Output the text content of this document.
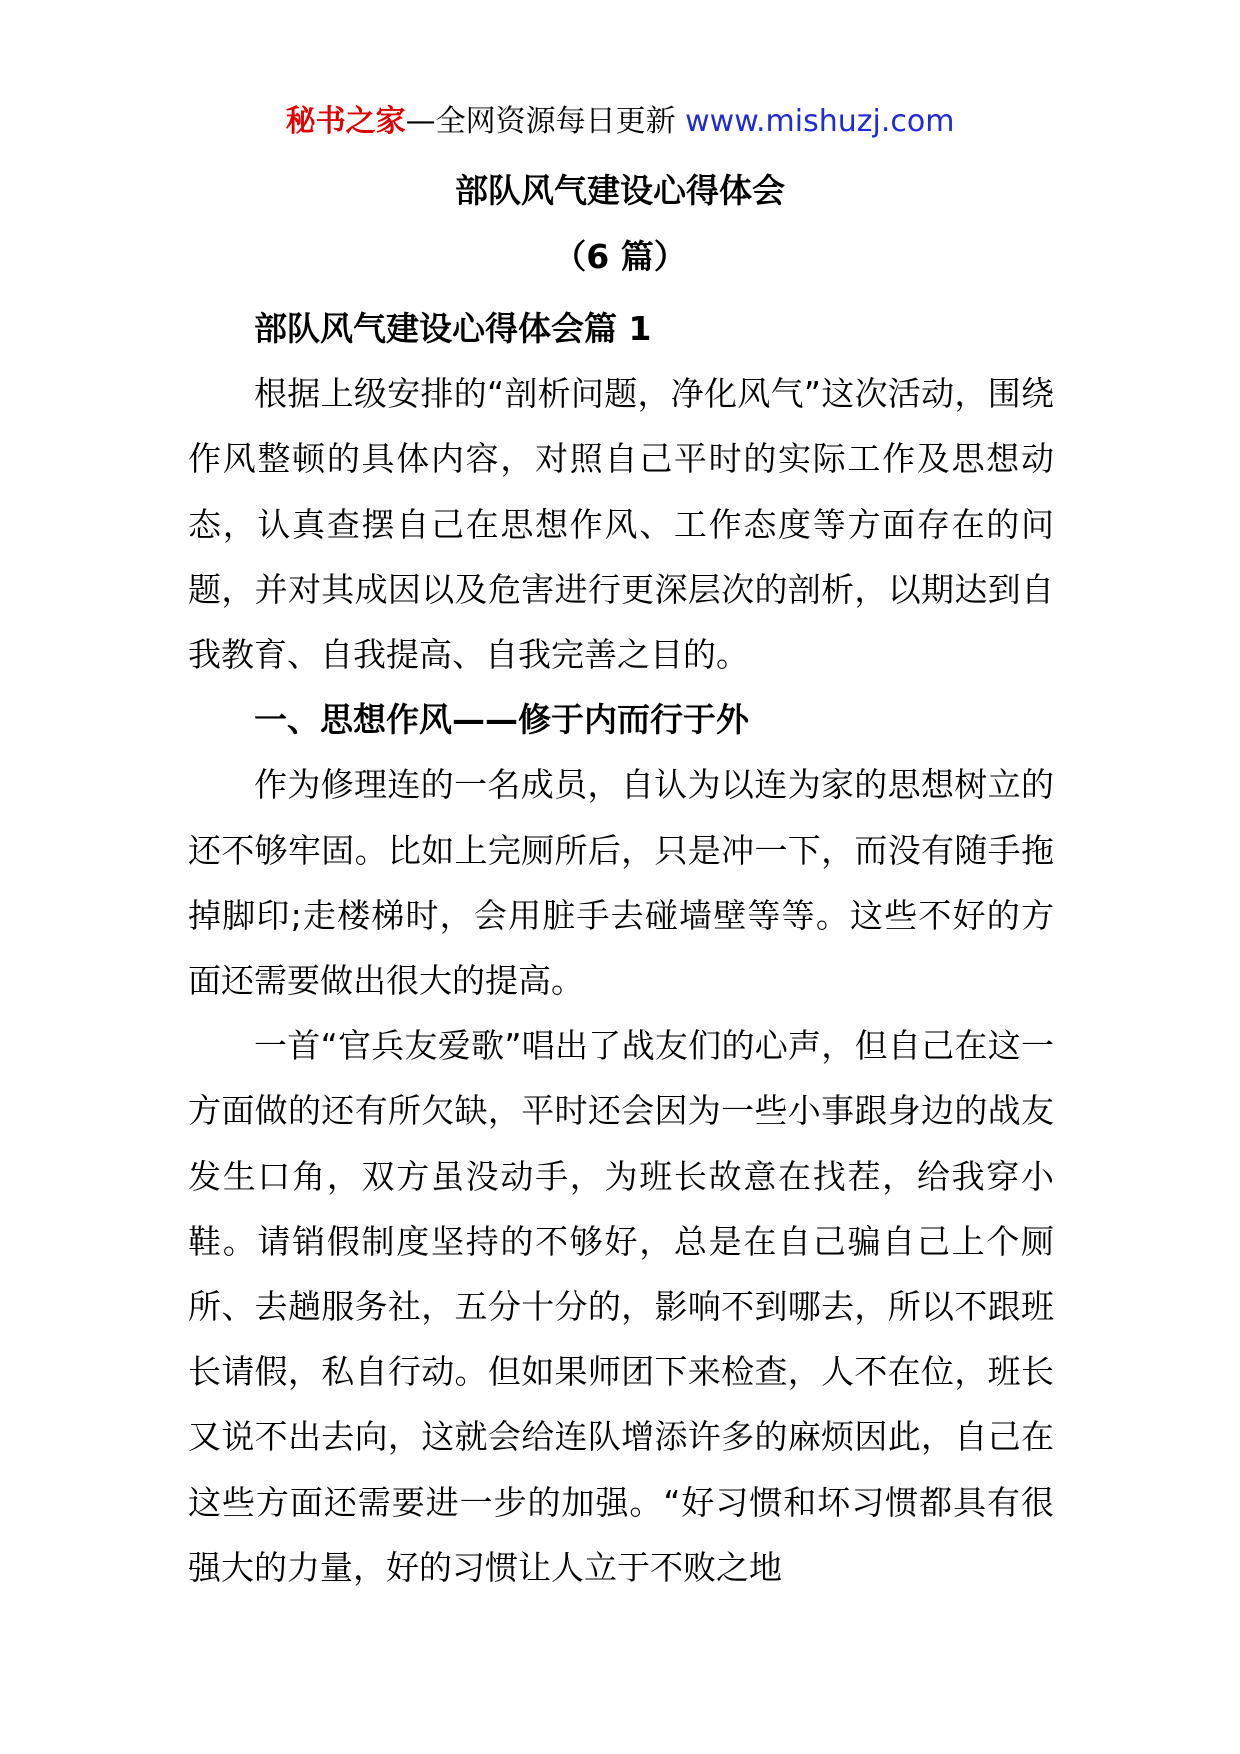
秘书之家—全网资源每日更新 www.mishuzj.com
部队风气建设心得体会
（6 篇）

部队风气建设心得体会篇 1

根据上级安排的“剖析问题，净化风气”这次活动，围绕作风整顿的具体内容，对照自己平时的实际工作及思想动态，认真查摆自己在思想作风、工作态度等方面存在的问题，并对其成因以及危害进行更深层次的剖析，以期达到自我教育、自我提高、自我完善之目的。

一、思想作风——修于内而行于外

作为修理连的一名成员，自认为以连为家的思想树立的还不够牢固。比如上完厕所后，只是冲一下，而没有随手拖掉脚印;走楼梯时，会用脏手去碰墙壁等等。这些不好的方面还需要做出很大的提高。

一首“官兵友爱歌”唱出了战友们的心声，但自己在这一方面做的还有所欠缺，平时还会因为一些小事跟身边的战友发生口角，双方虽没动手，为班长故意在找茬，给我穿小鞋。请销假制度坚持的不够好，总是在自己骗自己上个厕所、去趟服务社，五分十分的，影响不到哪去，所以不跟班长请假，私自行动。但如果师团下来检查，人不在位，班长又说不出去向，这就会给连队增添许多的麻烦因此，自己在这些方面还需要进一步的加强。“好习惯和坏习惯都具有很强大的力量，好的习惯让人立于不败之地
